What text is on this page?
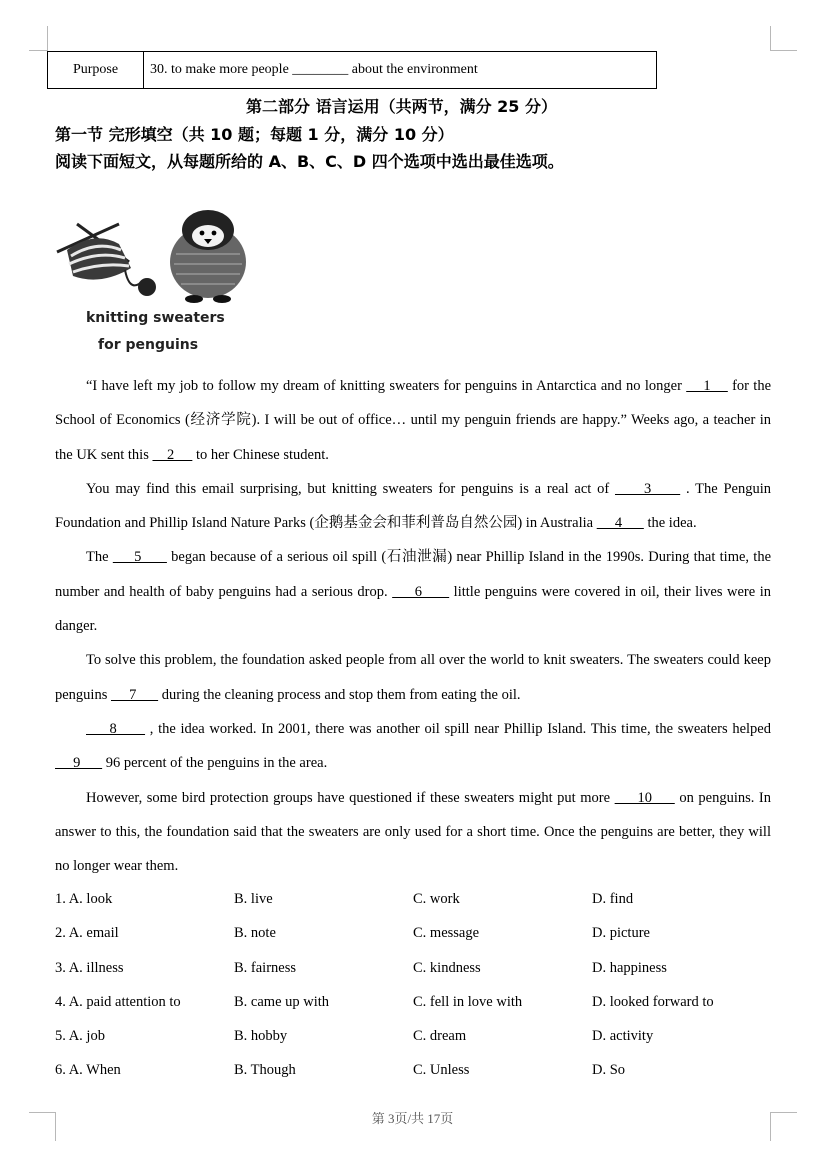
Purpose	30. to make more people ________ about the environment
第二部分 语言运用（共两节，满分 25 分）
第一节 完形填空（共 10 题；每题 1 分，满分 10 分）
阅读下面短文，从每题所给的 A、B、C、D 四个选项中选出最佳选项。
knitting sweaters
for penguins

“I have left my job to follow my dream of knitting sweaters for penguins in Antarctica and no longer     1     for the School of Economics (经济学院). I will be out of office… until my penguin friends are happy.” Weeks ago, a teacher in the UK sent this     2      to her Chinese student.

You may find this email surprising, but knitting sweaters for penguins is a real act of      3      . The Penguin Foundation and Phillip Island Nature Parks (企鹅基金会和菲利普岛自然公园) in Australia      4       the idea.

The      5       began because of a serious oil spill (石油泄漏) near Phillip Island in the 1990s. During that time, the number and health of baby penguins had a serious drop.      6       little penguins were covered in oil, their lives were in danger.

To solve this problem, the foundation asked people from all over the world to knit sweaters. The sweaters could keep penguins      7       during the cleaning process and stop them from eating the oil.

8       , the idea worked. In 2001, there was another oil spill near Phillip Island. This time, the sweaters helped      9       96 percent of the penguins in the area.

However, some bird protection groups have questioned if these sweaters might put more      10      on penguins. In answer to this, the foundation said that the sweaters are only used for a short time. Once the penguins are better, they will no longer wear them.

1. A. look	B. live	C. work	D. find
2. A. email	B. note	C. message	D. picture
3. A. illness	B. fairness	C. kindness	D. happiness
4. A. paid attention to	B. came up with	C. fell in love with	D. looked forward to
5. A. job	B. hobby	C. dream	D. activity
6. A. When	B. Though	C. Unless	D. So
第 3页/共 17页
